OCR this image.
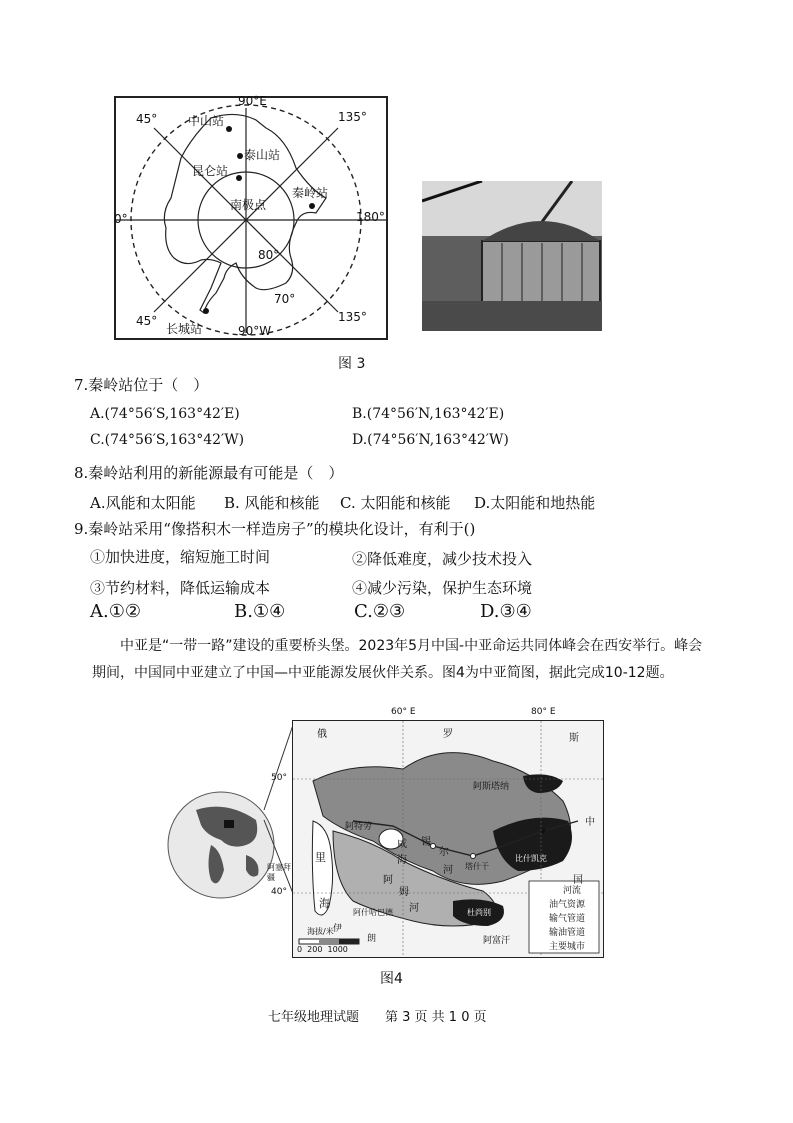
90°E
90°W
0°	180°
45°	135°
45°	135°
80°
70°
中山站
泰山站
昆仑站
南极点
秦岭站
长城站
图 3
7.秦岭站位于（　）
A.(74°56′S,163°42′E)	B.(74°56′N,163°42′E)
C.(74°56′S,163°42′W)	D.(74°56′N,163°42′W)
8.秦岭站利用的新能源最有可能是（　）
A.风能和太阳能 B. 风能和核能 C. 太阳能和核能 D.太阳能和地热能
9.秦岭站采用“像搭积木一样造房子”的模块化设计，有利于()
①加快进度，缩短施工时间	②降低难度，减少技术投入
③节约材料，降低运输成本	④减少污染，保护生态环境
A.①②	B.①④	C.②③	D.③④
中亚是“一带一路”建设的重要桥头堡。2023年5月中国-中亚命运共同体峰会在西安举行。峰会期间，中国同中亚建立了中国—中亚能源发展伙伴关系。图4为中亚简图，据此完成10-12题。
60° E	80° E
50°
40°
俄	罗	斯
中
国
阿斯塔纳
阿特劳
里
海
咸
海
锡
尔
河
阿
姆
河
阿塞拜疆
塔什干
阿什哈巴德
比什凯克
杜尚别
伊
朗	阿富汗
海拔/米
0  200  1000
河流
油气资源
输气管道
输油管道
主要城市
图4
七年级地理试题　　第 3 页 共 1 0 页
